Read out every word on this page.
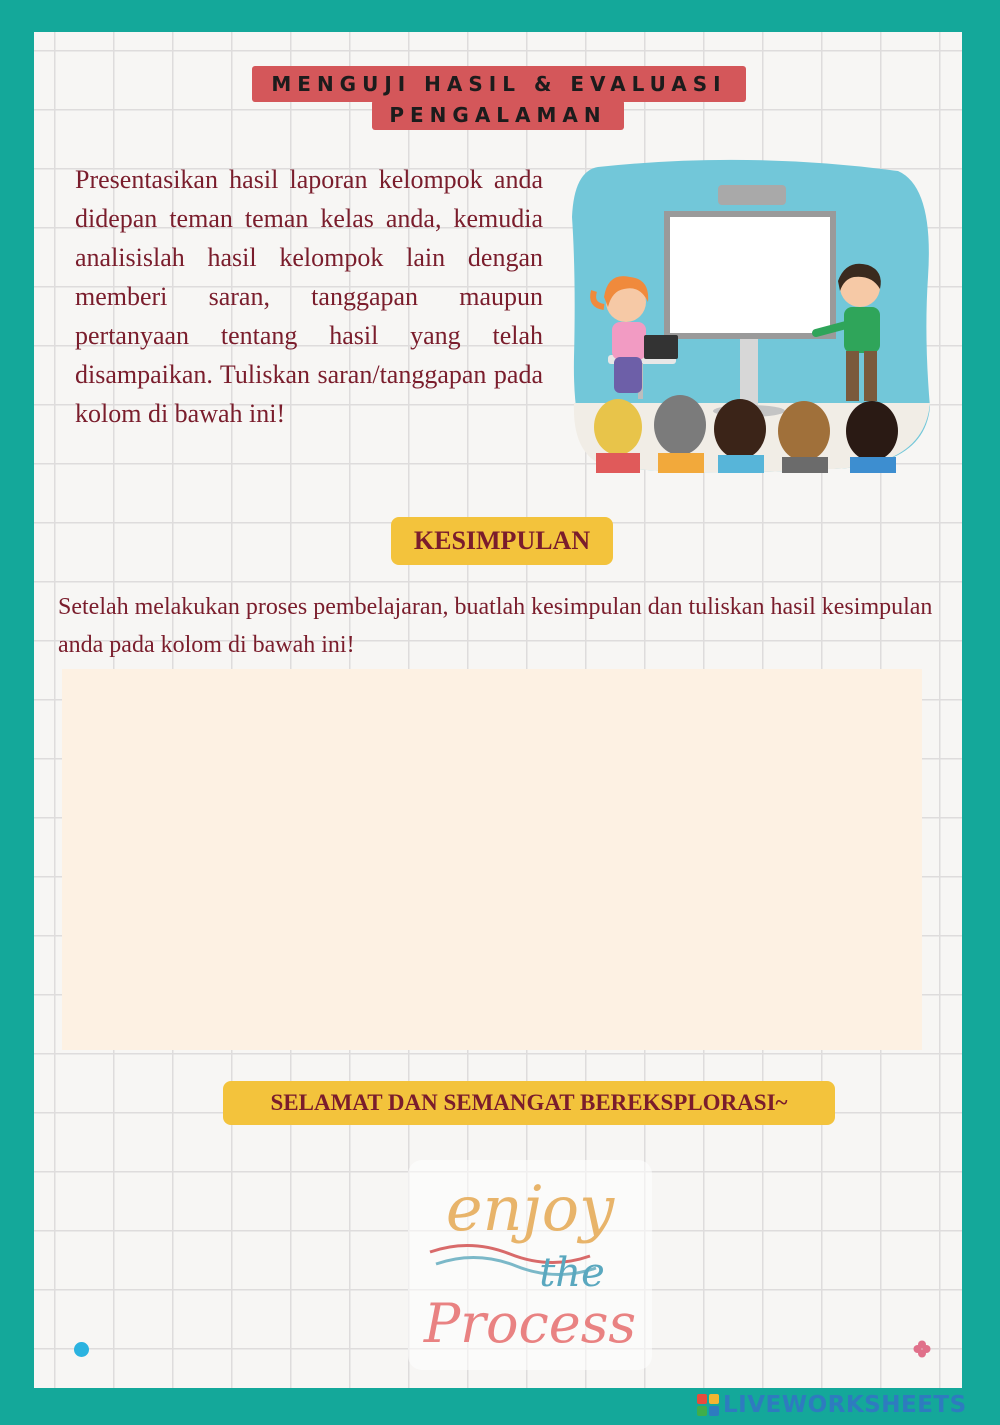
MENGUJI HASIL & EVALUASI
PENGALAMAN
Presentasikan hasil laporan kelompok anda didepan teman teman kelas anda, kemudia analisislah hasil kelompok lain dengan memberi saran, tanggapan maupun pertanyaan tentang hasil yang telah disampaikan. Tuliskan saran/tanggapan pada kolom di bawah ini!
KESIMPULAN
Setelah melakukan proses pembelajaran, buatlah kesimpulan dan tuliskan hasil kesimpulan anda pada kolom di bawah ini!
SELAMAT DAN SEMANGAT BEREKSPLORASI~
enjoy
the
Process
LIVEWORKSHEETS
